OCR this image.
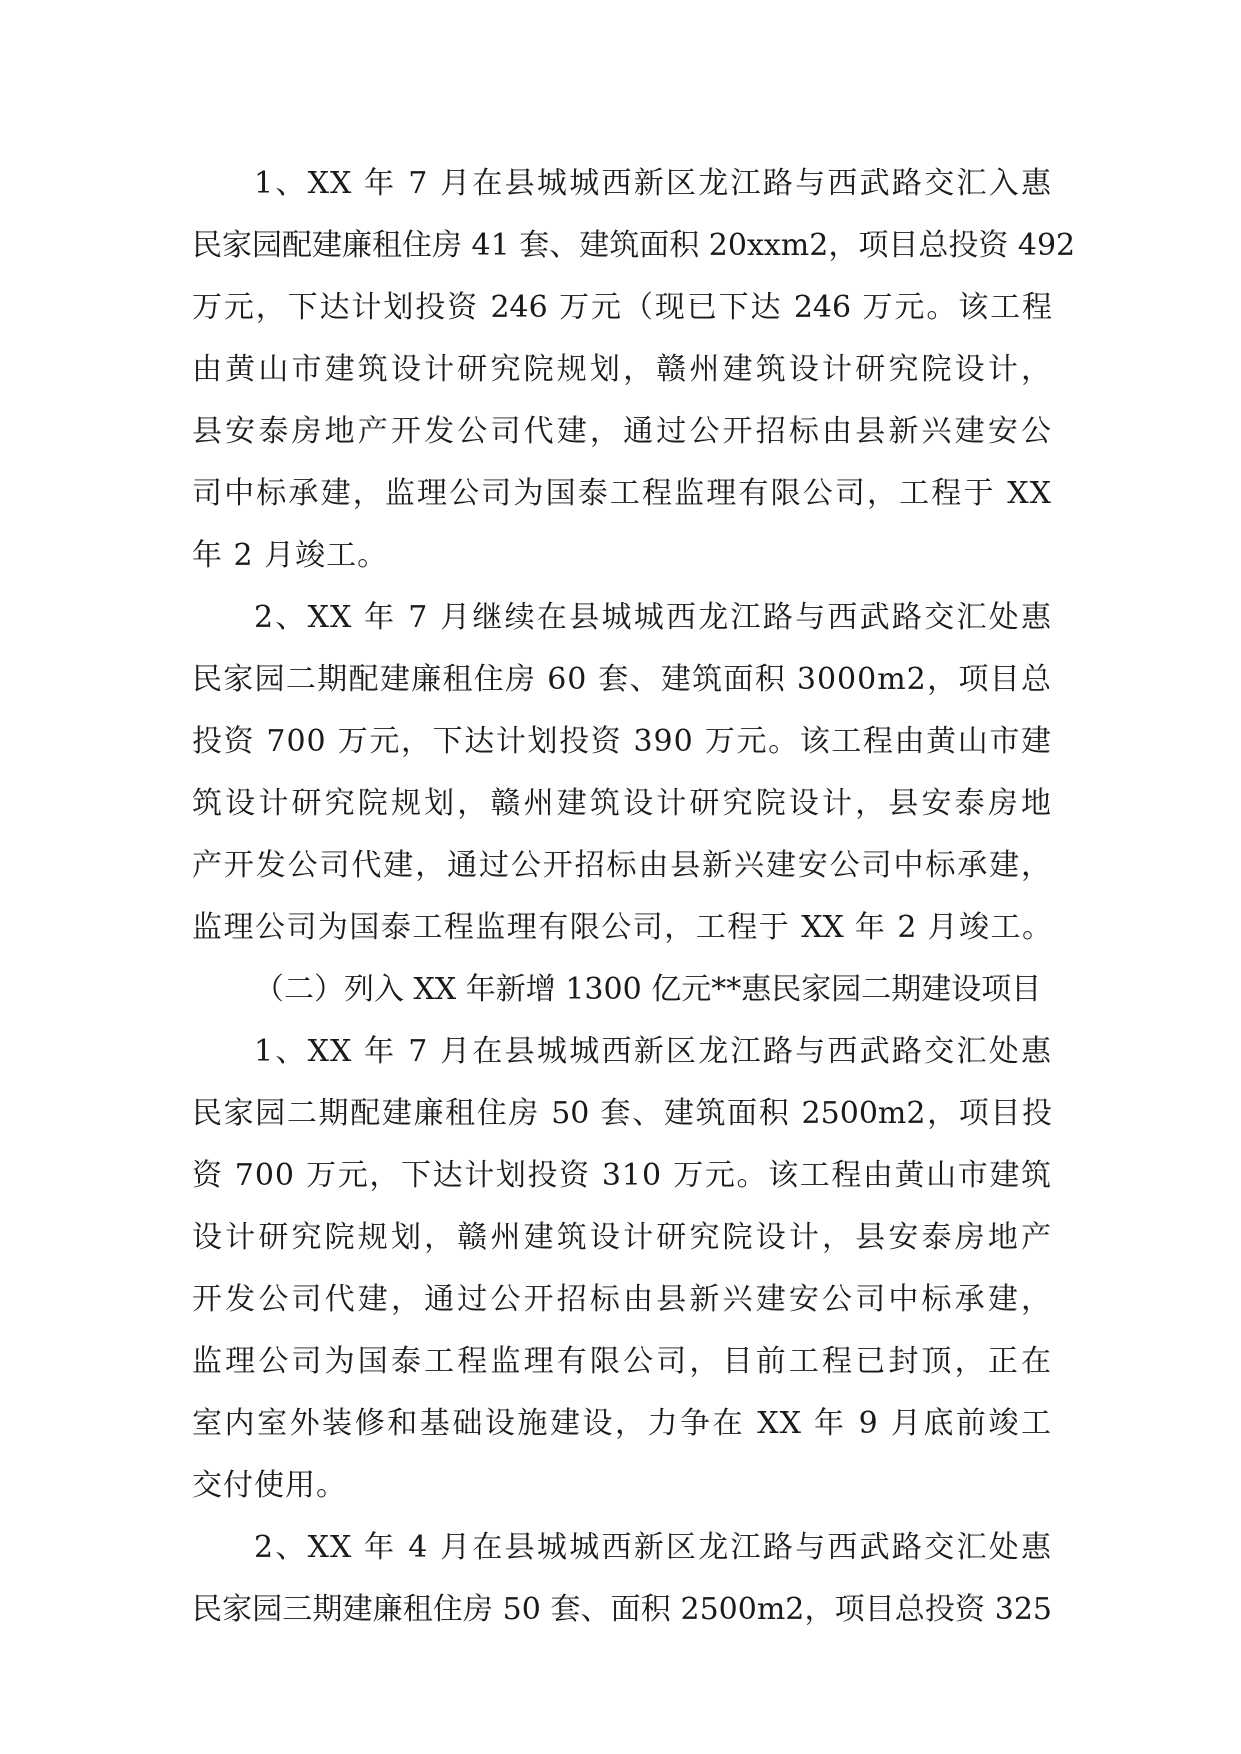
1、XX 年 7 月在县城城西新区龙江路与西武路交汇入惠
民家园配建廉租住房 41 套、建筑面积 20xxm2，项目总投资 492
万元，下达计划投资 246 万元（现已下达 246 万元。该工程
由黄山市建筑设计研究院规划，赣州建筑设计研究院设计，
县安泰房地产开发公司代建，通过公开招标由县新兴建安公
司中标承建，监理公司为国泰工程监理有限公司，工程于 XX
年 2 月竣工。
2、XX 年 7 月继续在县城城西龙江路与西武路交汇处惠
民家园二期配建廉租住房 60 套、建筑面积 3000m2，项目总
投资 700 万元，下达计划投资 390 万元。该工程由黄山市建
筑设计研究院规划，赣州建筑设计研究院设计，县安泰房地
产开发公司代建，通过公开招标由县新兴建安公司中标承建，
监理公司为国泰工程监理有限公司，工程于 XX 年 2 月竣工。
（二）列入 XX 年新增 1300 亿元**惠民家园二期建设项目
1、XX 年 7 月在县城城西新区龙江路与西武路交汇处惠
民家园二期配建廉租住房 50 套、建筑面积 2500m2，项目投
资 700 万元，下达计划投资 310 万元。该工程由黄山市建筑
设计研究院规划，赣州建筑设计研究院设计，县安泰房地产
开发公司代建，通过公开招标由县新兴建安公司中标承建，
监理公司为国泰工程监理有限公司，目前工程已封顶，正在
室内室外装修和基础设施建设，力争在 XX 年 9 月底前竣工
交付使用。
2、XX 年 4 月在县城城西新区龙江路与西武路交汇处惠
民家园三期建廉租住房 50 套、面积 2500m2，项目总投资 325
